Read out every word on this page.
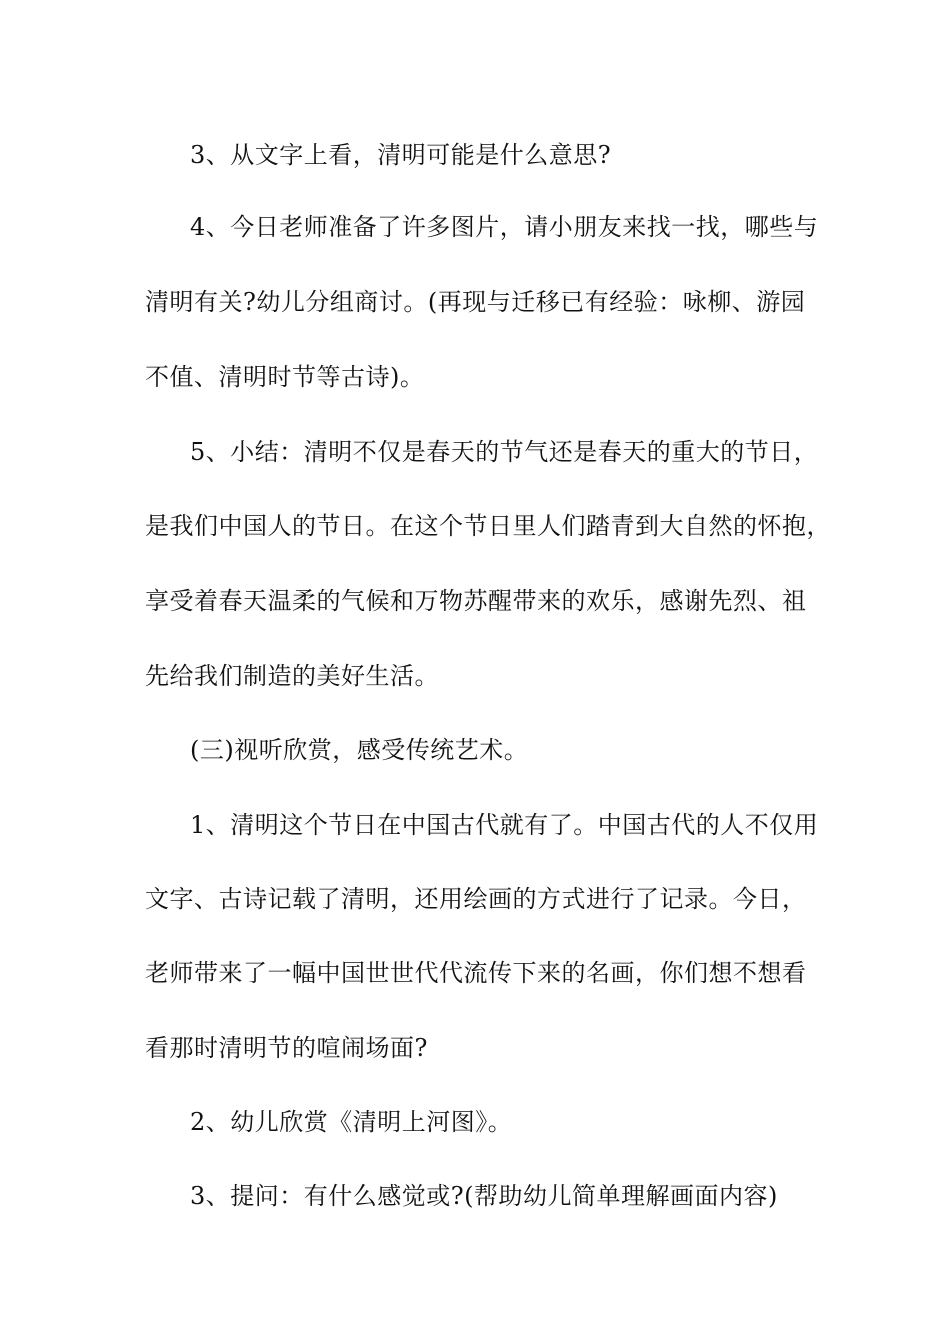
3、从文字上看，清明可能是什么意思?
4、今日老师准备了许多图片，请小朋友来找一找，哪些与
清明有关?幼儿分组商讨。(再现与迁移已有经验：咏柳、游园
不值、清明时节等古诗)。
5、小结：清明不仅是春天的节气还是春天的重大的节日，
是我们中国人的节日。在这个节日里人们踏青到大自然的怀抱，
享受着春天温柔的气候和万物苏醒带来的欢乐，感谢先烈、祖
先给我们制造的美好生活。
(三)视听欣赏，感受传统艺术。
1、清明这个节日在中国古代就有了。中国古代的人不仅用
文字、古诗记载了清明，还用绘画的方式进行了记录。今日，
老师带来了一幅中国世世代代流传下来的名画，你们想不想看
看那时清明节的喧闹场面?
2、幼儿欣赏《清明上河图》。
3、提问：有什么感觉或?(帮助幼儿简单理解画面内容)
